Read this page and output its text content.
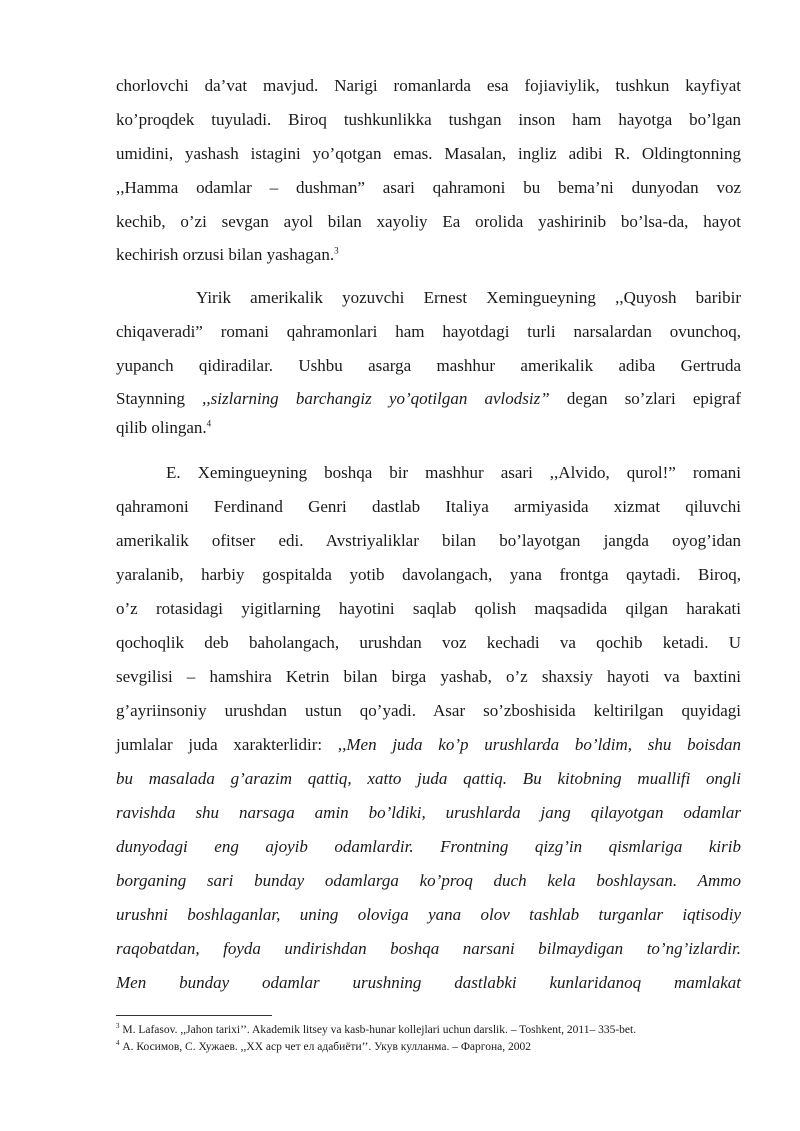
chorlovchi da’vat mavjud. Narigi romanlarda esa fojiaviylik, tushkun kayfiyat
ko’proqdek tuyuladi. Biroq tushkunlikka tushgan inson ham hayotga bo’lgan
umidini, yashash istagini yo’qotgan emas. Masalan, ingliz adibi R. Oldingtonning
,,Hamma odamlar – dushman” asari qahramoni bu bema’ni dunyodan voz
kechib, o’zi sevgan ayol bilan xayoliy Ea orolida yashirinib bo’lsa-da, hayot
kechirish orzusi bilan yashagan.$^3$
Yirik amerikalik yozuvchi Ernest Xemingueyning ,,Quyosh baribir
chiqaveradi” romani qahramonlari ham hayotdagi turli narsalardan ovunchoq,
yupanch qidiradilar. Ushbu asarga mashhur amerikalik adiba Gertruda
Staynning ,,sizlarning barchangiz yo’qotilgan avlodsiz” degan so’zlari epigraf
qilib olingan.$^4$
E. Xemingueyning boshqa bir mashhur asari ,,Alvido, qurol!” romani
qahramoni Ferdinand Genri dastlab Italiya armiyasida xizmat qiluvchi
amerikalik ofitser edi. Avstriyaliklar bilan bo’layotgan jangda oyog’idan
yaralanib, harbiy gospitalda yotib davolangach, yana frontga qaytadi. Biroq,
o’z rotasidagi yigitlarning hayotini saqlab qolish maqsadida qilgan harakati
qochoqlik deb baholangach, urushdan voz kechadi va qochib ketadi. U
sevgilisi – hamshira Ketrin bilan birga yashab, o’z shaxsiy hayoti va baxtini
g’ayriinsoniy urushdan ustun qo’yadi. Asar so’zboshisida keltirilgan quyidagi
jumlalar juda xarakterlidir: ,,Men juda ko’p urushlarda bo’ldim, shu boisdan
bu masalada g’arazim qattiq, xatto juda qattiq. Bu kitobning muallifi ongli
ravishda shu narsaga amin bo’ldiki, urushlarda jang qilayotgan odamlar
dunyodagi eng ajoyib odamlardir. Frontning qizg’in qismlariga kirib
borganing sari bunday odamlarga ko’proq duch kela boshlaysan. Ammo
urushni boshlaganlar, uning oloviga yana olov tashlab turganlar iqtisodiy
raqobatdan, foyda undirishdan boshqa narsani bilmaydigan to’ng’izlardir.
Men bunday odamlar urushning dastlabki kunlaridanoq mamlakat
$^3$ M. Lafasov. ,,Jahon tarixi’’. Akademik litsey va kasb-hunar kollejlari uchun darslik. – Toshkent, 2011– 335-bet.
$^4$ А. Косимов, С. Хужаев. ,,ХХ аср чет ел адабиёти’’. Укув кулланма. – Фаргона, 2002
